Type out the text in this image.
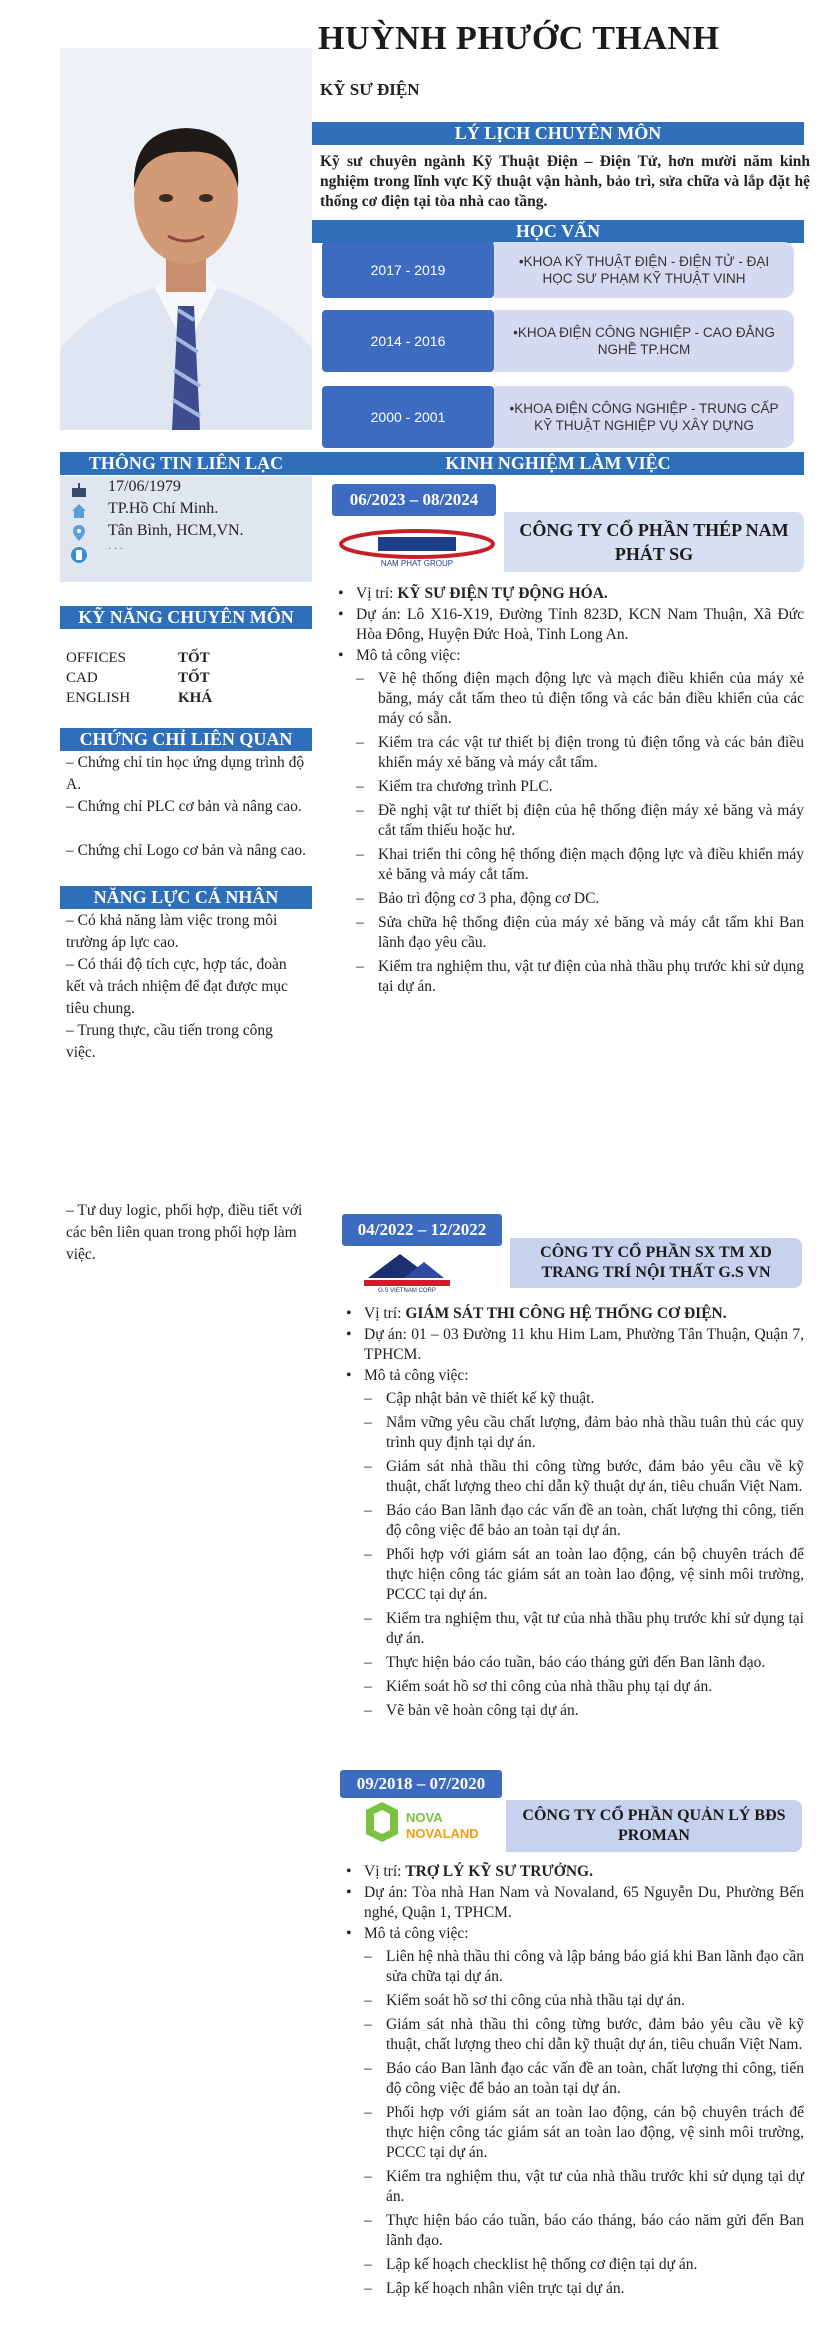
HUỲNH PHƯỚC THANH
KỸ SƯ ĐIỆN
LÝ LỊCH CHUYÊN MÔN
Kỹ sư chuyên ngành Kỹ Thuật Điện – Điện Tử, hơn mười năm kinh nghiệm trong lĩnh vực Kỹ thuật vận hành, bảo trì, sửa chữa và lắp đặt hệ thống cơ điện tại tòa nhà cao tầng.
HỌC VẤN
2017 - 2019
•KHOA KỸ THUẬT ĐIỆN - ĐIỆN TỬ - ĐẠI HỌC SƯ PHẠM KỸ THUẬT VINH
2014 - 2016
•KHOA ĐIỆN CÔNG NGHIỆP - CAO ĐẲNG NGHỀ TP.HCM
2000 - 2001
•KHOA ĐIỆN CÔNG NGHIỆP - TRUNG CẤP KỸ THUẬT NGHIỆP VỤ XÂY DỰNG
THÔNG TIN LIÊN LẠC
17/06/1979
TP.Hồ Chí Minh.
Tân Bình, HCM,VN.
· · ·
KỸ NĂNG CHUYÊN MÔN
OFFICES	TỐT
CAD	TỐT
ENGLISH	KHÁ
CHỨNG CHỈ LIÊN QUAN
– Chứng chỉ tin học ứng dụng trình độ A.
– Chứng chỉ PLC cơ bản và nâng cao.
– Chứng chỉ Logo cơ bản và nâng cao.
NĂNG LỰC CÁ NHÂN
– Có khả năng làm việc trong môi trường áp lực cao.
– Có thái độ tích cực, hợp tác, đoàn kết và trách nhiệm để đạt được mục tiêu chung.
– Trung thực, cầu tiến trong công việc.
– Tư duy logic, phối hợp, điều tiết với các bên liên quan trong phối hợp làm việc.
KINH NGHIỆM LÀM VIỆC
06/2023 – 08/2024
NAM PHAT GROUP
CÔNG TY CỔ PHẦN THÉP NAM PHÁT SG
• Vị trí: KỸ SƯ ĐIỆN TỰ ĐỘNG HÓA.
• Dự án: Lô X16-X19, Đường Tỉnh 823D, KCN Nam Thuận, Xã Đức Hòa Đông, Huyện Đức Hoà, Tỉnh Long An.
• Mô tả công việc:
– Vẽ hệ thống điện mạch động lực và mạch điều khiển của máy xẻ băng, máy cắt tấm theo tủ điện tổng và các bản điều khiển của các máy có sẵn.
– Kiểm tra các vật tư thiết bị điện trong tủ điện tổng và các bản điều khiển máy xẻ băng và máy cắt tấm.
– Kiểm tra chương trình PLC.
– Đề nghị vật tư thiết bị điện của hệ thống điện máy xẻ băng và máy cắt tấm thiếu hoặc hư.
– Khai triển thi công hệ thống điện mạch động lực và điều khiển máy xẻ băng và máy cắt tấm.
– Bảo trì động cơ 3 pha, động cơ DC.
– Sửa chữa hệ thống điện của máy xẻ băng và máy cắt tấm khi Ban lãnh đạo yêu cầu.
– Kiểm tra nghiệm thu, vật tư điện của nhà thầu phụ trước khi sử dụng tại dự án.
04/2022 – 12/2022
G.S VIETNAM CORP
CÔNG TY CỔ PHẦN SX TM XD TRANG TRÍ NỘI THẤT G.S VN
• Vị trí: GIÁM SÁT THI CÔNG HỆ THỐNG CƠ ĐIỆN.
• Dự án: 01 – 03 Đường 11 khu Him Lam, Phường Tân Thuận, Quận 7, TPHCM.
• Mô tả công việc:
– Cập nhật bản vẽ thiết kế kỹ thuật.
– Nắm vững yêu cầu chất lượng, đảm bảo nhà thầu tuân thủ các quy trình quy định tại dự án.
– Giám sát nhà thầu thi công từng bước, đảm bảo yêu cầu về kỹ thuật, chất lượng theo chỉ dẫn kỹ thuật dự án, tiêu chuẩn Việt Nam.
– Báo cáo Ban lãnh đạo các vấn đề an toàn, chất lượng thi công, tiến độ công việc để bảo an toàn tại dự án.
– Phối hợp với giám sát an toàn lao động, cán bộ chuyên trách để thực hiện công tác giám sát an toàn lao động, vệ sinh môi trường, PCCC tại dự án.
– Kiểm tra nghiệm thu, vật tư của nhà thầu phụ trước khi sử dụng tại dự án.
– Thực hiện báo cáo tuần, báo cáo tháng gửi đến Ban lãnh đạo.
– Kiểm soát hồ sơ thi công của nhà thầu phụ tại dự án.
– Vẽ bản vẽ hoàn công tại dự án.
09/2018 – 07/2020
NOVA
NOVALAND
CÔNG TY CỔ PHẦN QUẢN LÝ BĐS PROMAN
• Vị trí: TRỢ LÝ KỸ SƯ TRƯỞNG.
• Dự án: Tòa nhà Han Nam và Novaland, 65 Nguyễn Du, Phường Bến nghé, Quận 1, TPHCM.
• Mô tả công việc:
– Liên hệ nhà thầu thi công và lập bảng báo giá khi Ban lãnh đạo cần sửa chữa tại dự án.
– Kiểm soát hồ sơ thi công của nhà thầu tại dự án.
– Giám sát nhà thầu thi công từng bước, đảm bảo yêu cầu về kỹ thuật, chất lượng theo chỉ dẫn kỹ thuật dự án, tiêu chuẩn Việt Nam.
– Báo cáo Ban lãnh đạo các vấn đề an toàn, chất lượng thi công, tiến độ công việc để bảo an toàn tại dự án.
– Phối hợp với giám sát an toàn lao động, cán bộ chuyên trách để thực hiện công tác giám sát an toàn lao động, vệ sinh môi trường, PCCC tại dự án.
– Kiểm tra nghiệm thu, vật tư của nhà thầu trước khi sử dụng tại dự án.
– Thực hiện báo cáo tuần, báo cáo tháng, báo cáo năm gửi đến Ban lãnh đạo.
– Lập kế hoạch checklist hệ thống cơ điện tại dự án.
– Lập kế hoạch nhân viên trực tại dự án.
